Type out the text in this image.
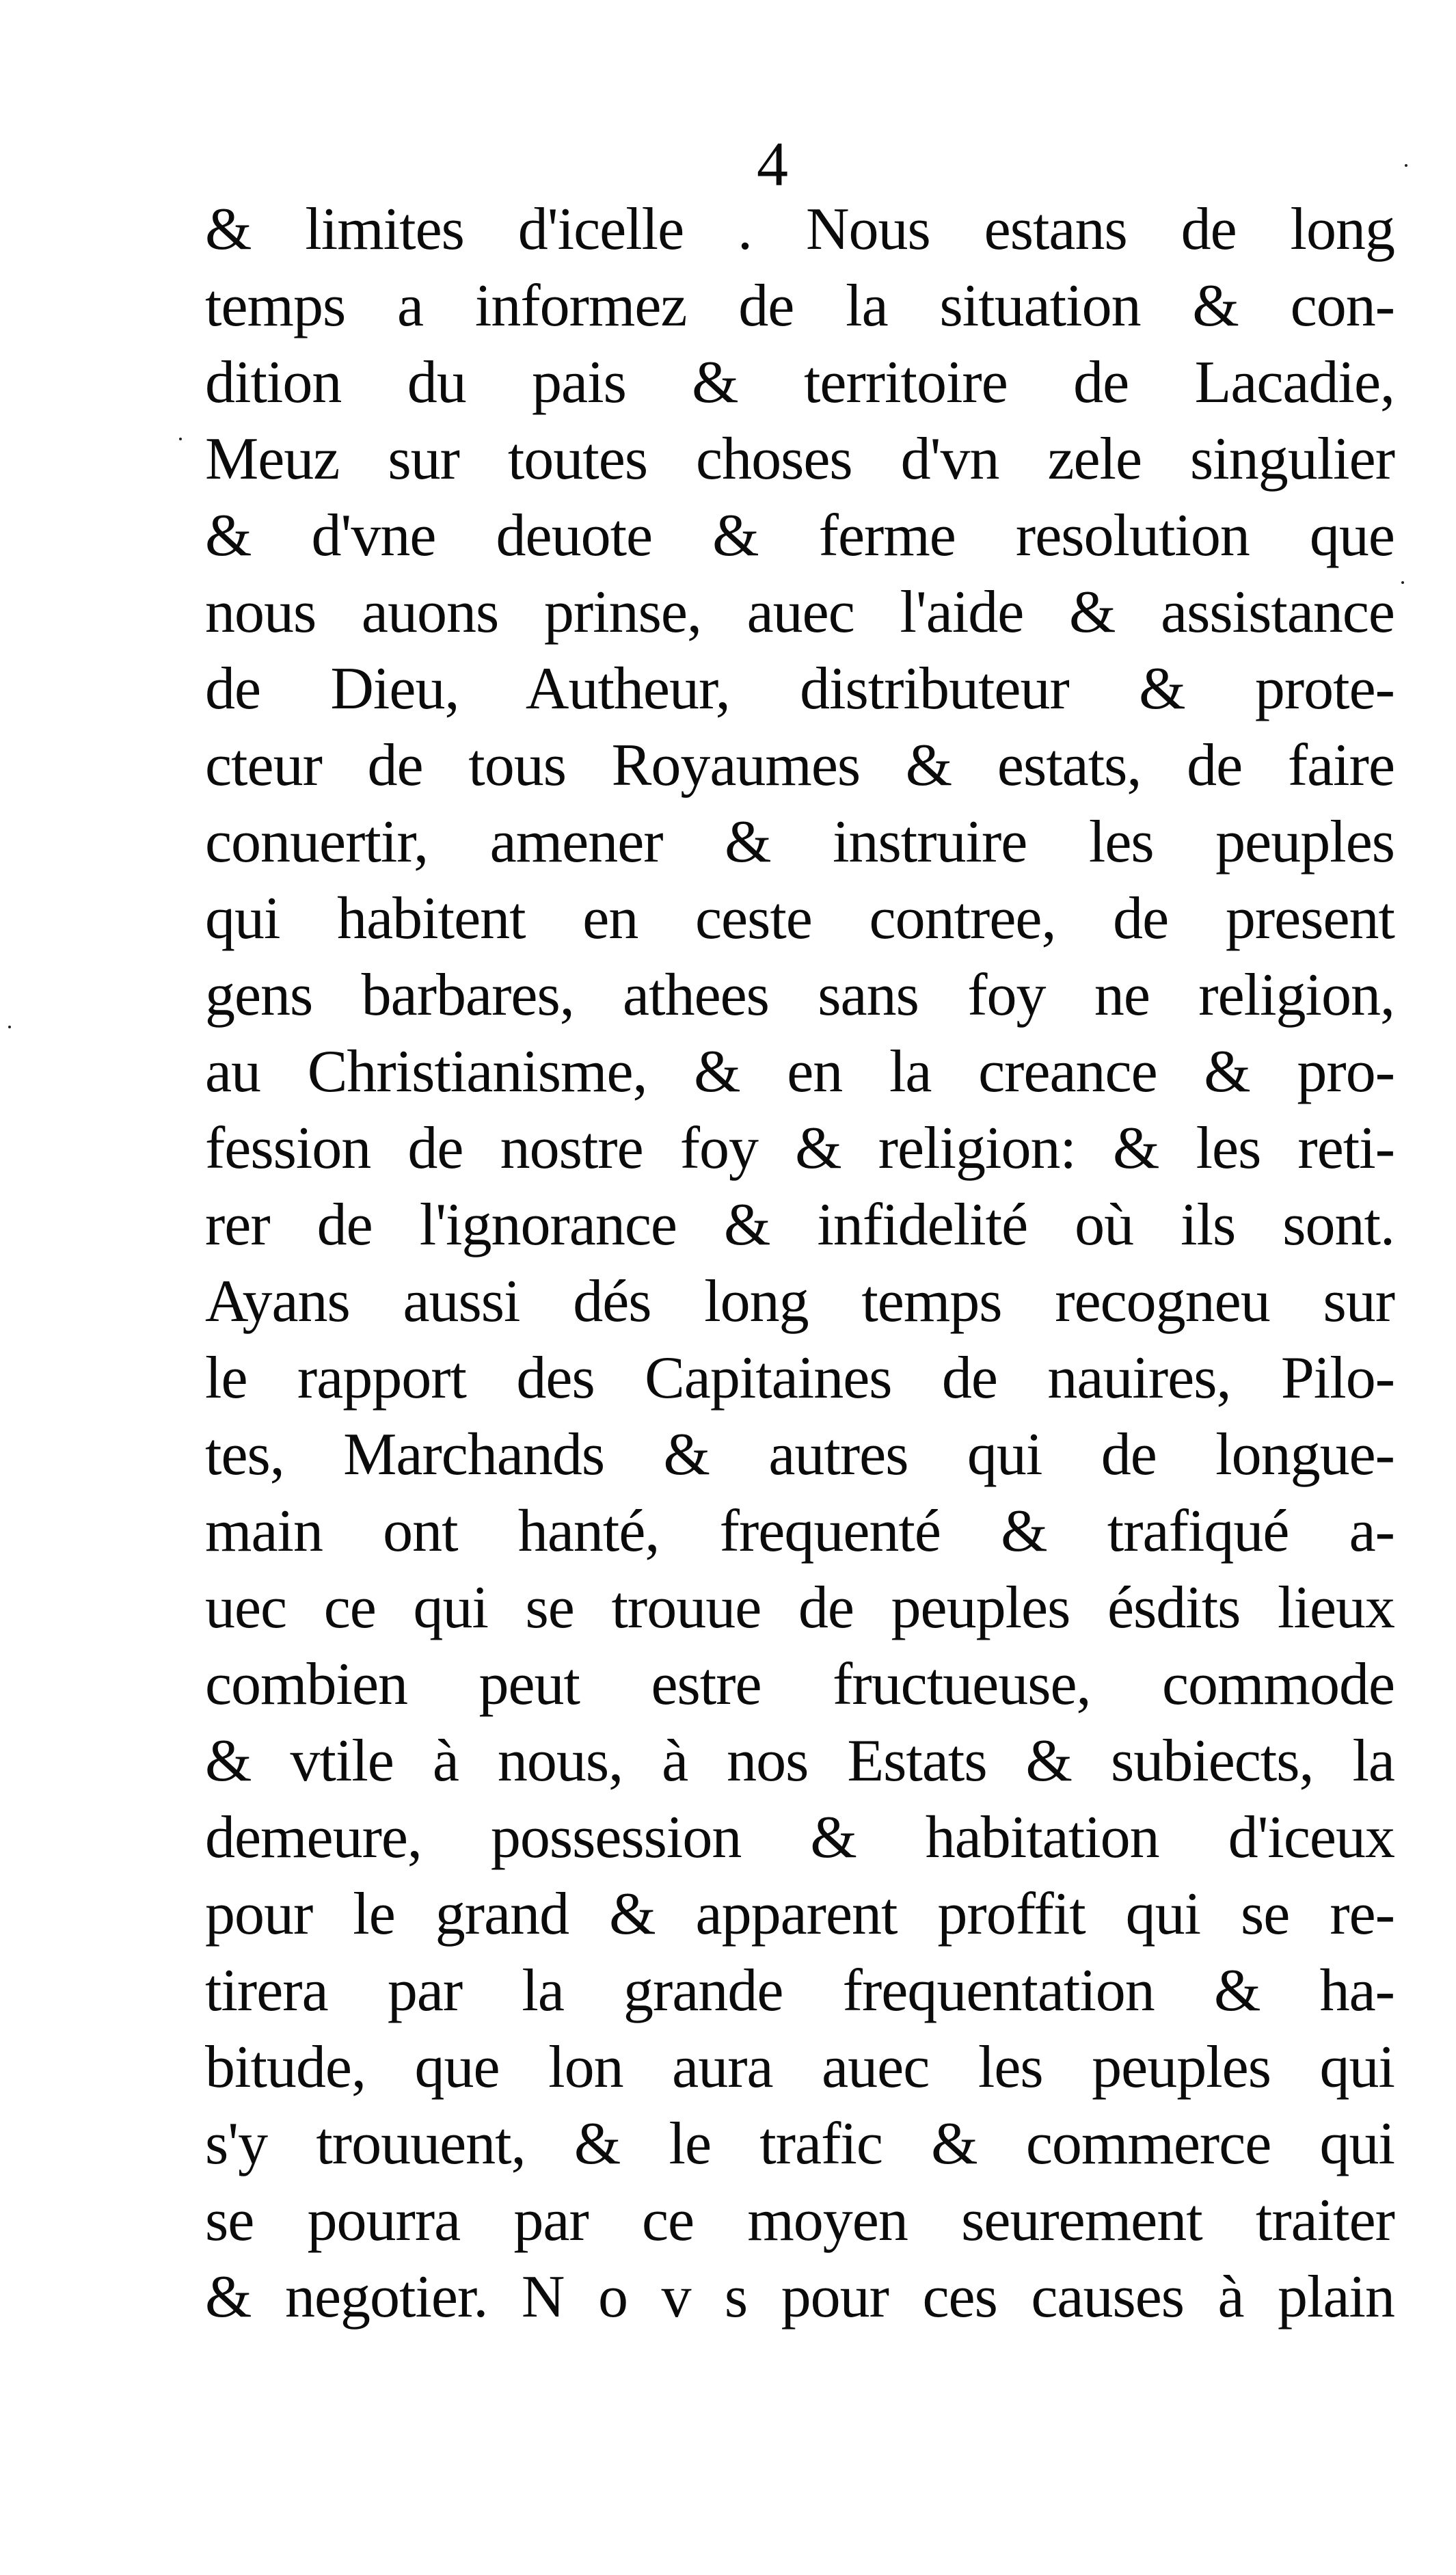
4
& limites d'icelle . Nous estans de long
temps a informez de la situation & con-
dition du pais & territoire de Lacadie,
Meuz sur toutes choses d'vn zele singulier
& d'vne deuote & ferme resolution que
nous auons prinse, auec l'aide & assistance
de Dieu, Autheur, distributeur & prote-
cteur de tous Royaumes & estats, de faire
conuertir, amener & instruire les peuples
qui habitent en ceste contree, de present
gens barbares, athees sans foy ne religion,
au Christianisme, & en la creance & pro-
fession de nostre foy & religion: & les reti-
rer de l'ignorance & infidelité où ils sont.
Ayans aussi dés long temps recogneu sur
le rapport des Capitaines de nauires, Pilo-
tes, Marchands & autres qui de longue-
main ont hanté, frequenté & trafiqué a-
uec ce qui se trouue de peuples ésdits lieux
combien peut estre fructueuse, commode
& vtile à nous, à nos Estats & subiects, la
demeure, possession & habitation d'iceux
pour le grand & apparent proffit qui se re-
tirera par la grande frequentation & ha-
bitude, que lon aura auec les peuples qui
s'y trouuent, & le trafic & commerce qui
se pourra par ce moyen seurement traiter
& negotier. N o v s pour ces causes à plain
